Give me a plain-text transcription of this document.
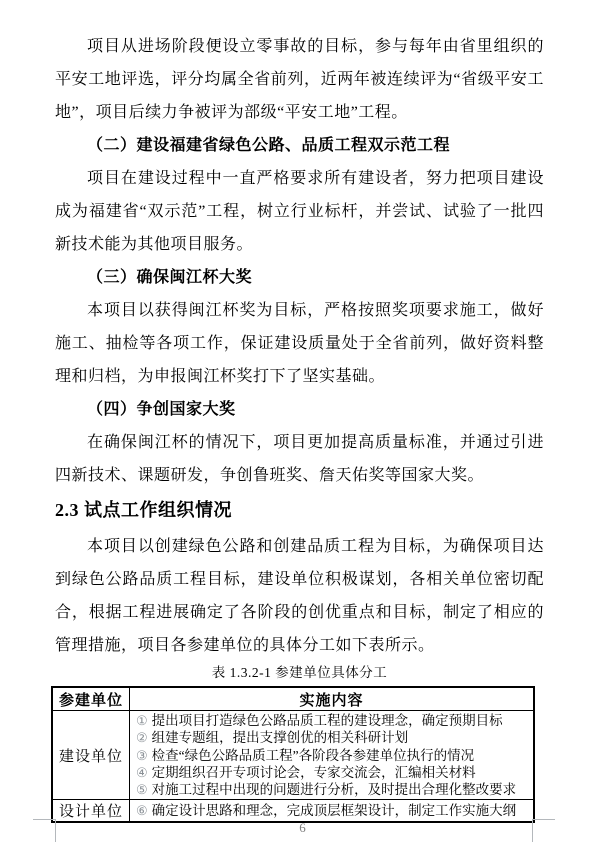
项目从进场阶段便设立零事故的目标，参与每年由省里组织的平安工地评选，评分均属全省前列，近两年被连续评为“省级平安工地”，项目后续力争被评为部级“平安工地”工程。

（二）建设福建省绿色公路、品质工程双示范工程

项目在建设过程中一直严格要求所有建设者，努力把项目建设成为福建省“双示范”工程，树立行业标杆，并尝试、试验了一批四新技术能为其他项目服务。

（三）确保闽江杯大奖

本项目以获得闽江杯奖为目标，严格按照奖项要求施工，做好施工、抽检等各项工作，保证建设质量处于全省前列，做好资料整理和归档，为申报闽江杯奖打下了坚实基础。

（四）争创国家大奖

在确保闽江杯的情况下，项目更加提高质量标准，并通过引进四新技术、课题研发，争创鲁班奖、詹天佑奖等国家大奖。

2.3 试点工作组织情况

本项目以创建绿色公路和创建品质工程为目标，为确保项目达到绿色公路品质工程目标，建设单位积极谋划，各相关单位密切配合，根据工程进展确定了各阶段的创优重点和目标，制定了相应的管理措施，项目各参建单位的具体分工如下表所示。

表 1.3.2-1 参建单位具体分工
参建单位	实施内容
建设单位	① 提出项目打造绿色公路品质工程的建设理念，确定预期目标
② 组建专题组，提出支撑创优的相关科研计划
③ 检查“绿色公路品质工程”各阶段各参建单位执行的情况
④ 定期组织召开专项讨论会，专家交流会，汇编相关材料
⑤ 对施工过程中出现的问题进行分析，及时提出合理化整改要求

设计单位	⑥ 确定设计思路和理念，完成顶层框架设计，制定工作实施大纲
6
